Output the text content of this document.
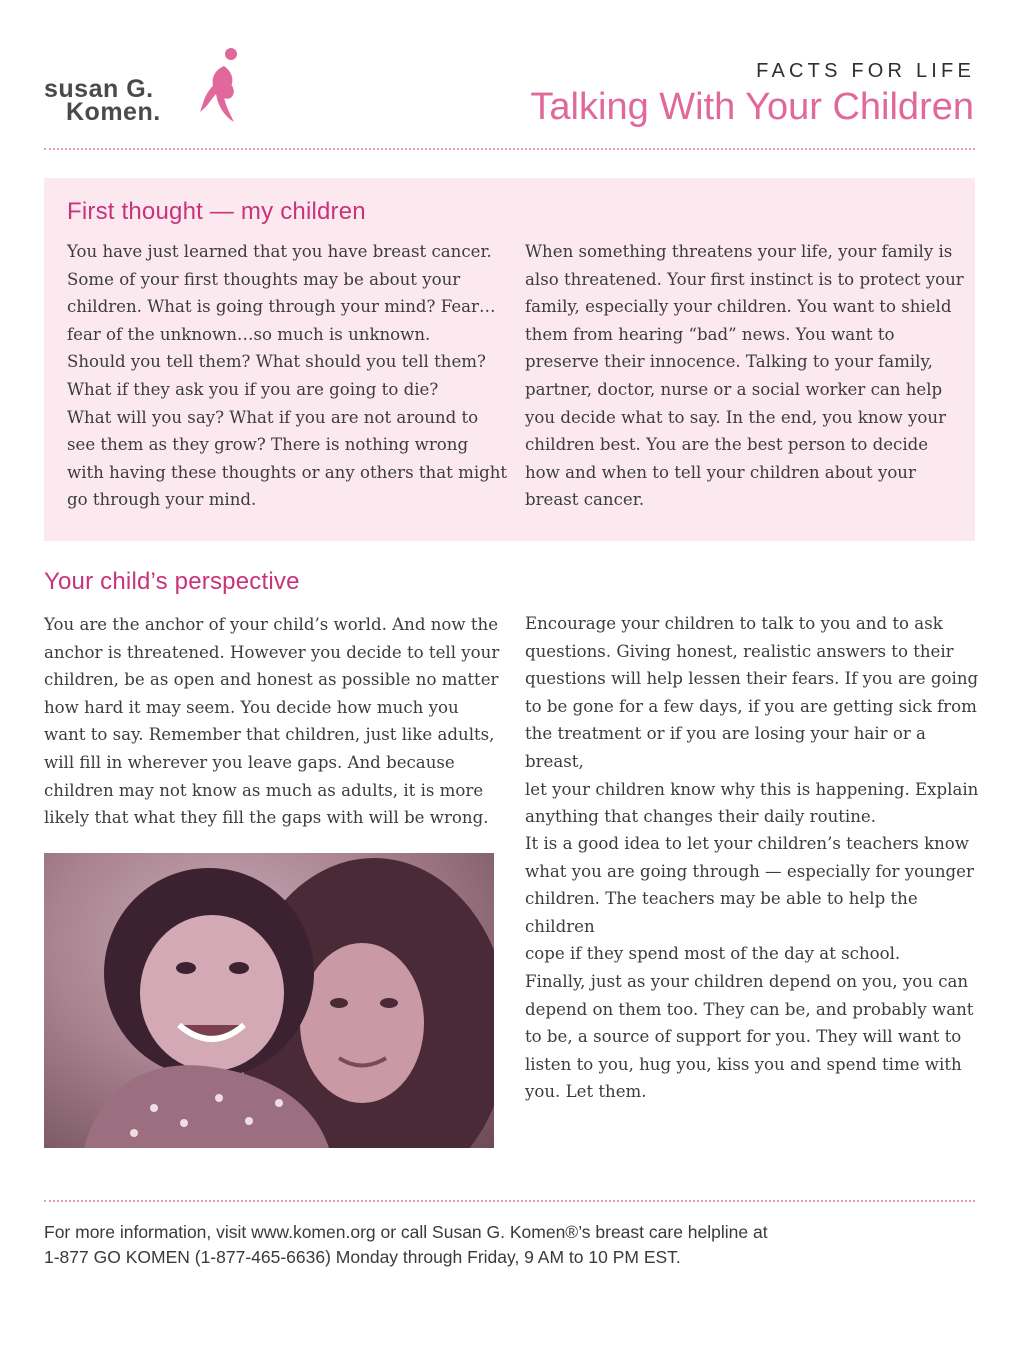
susan G.
Komen.
FACTS FOR LIFE
Talking With Your Children
First thought — my children

You have just learned that you have breast cancer.
Some of your first thoughts may be about your
children. What is going through your mind? Fear…
fear of the unknown…so much is unknown.
Should you tell them? What should you tell them?
What if they ask you if you are going to die?
What will you say? What if you are not around to
see them as they grow? There is nothing wrong
with having these thoughts or any others that might
go through your mind.

When something threatens your life, your family is
also threatened. Your first instinct is to protect your
family, especially your children. You want to shield
them from hearing “bad” news. You want to
preserve their innocence. Talking to your family,
partner, doctor, nurse or a social worker can help
you decide what to say. In the end, you know your
children best. You are the best person to decide
how and when to tell your children about your
breast cancer.

Your child’s perspective

You are the anchor of your child’s world. And now the
anchor is threatened. However you decide to tell your
children, be as open and honest as possible no matter
how hard it may seem. You decide how much you
want to say. Remember that children, just like adults,
will fill in wherever you leave gaps. And because
children may not know as much as adults, it is more
likely that what they fill the gaps with will be wrong.

Encourage your children to talk to you and to ask
questions. Giving honest, realistic answers to their
questions will help lessen their fears. If you are going
to be gone for a few days, if you are getting sick from
the treatment or if you are losing your hair or a breast,
let your children know why this is happening. Explain
anything that changes their daily routine.

It is a good idea to let your children’s teachers know
what you are going through — especially for younger
children. The teachers may be able to help the children
cope if they spend most of the day at school.

Finally, just as your children depend on you, you can
depend on them too. They can be, and probably want
to be, a source of support for you. They will want to
listen to you, hug you, kiss you and spend time with
you. Let them.

For more information, visit www.komen.org or call Susan G. Komen®’s breast care helpline at
1-877 GO KOMEN (1-877-465-6636) Monday through Friday, 9 AM to 10 PM EST.
